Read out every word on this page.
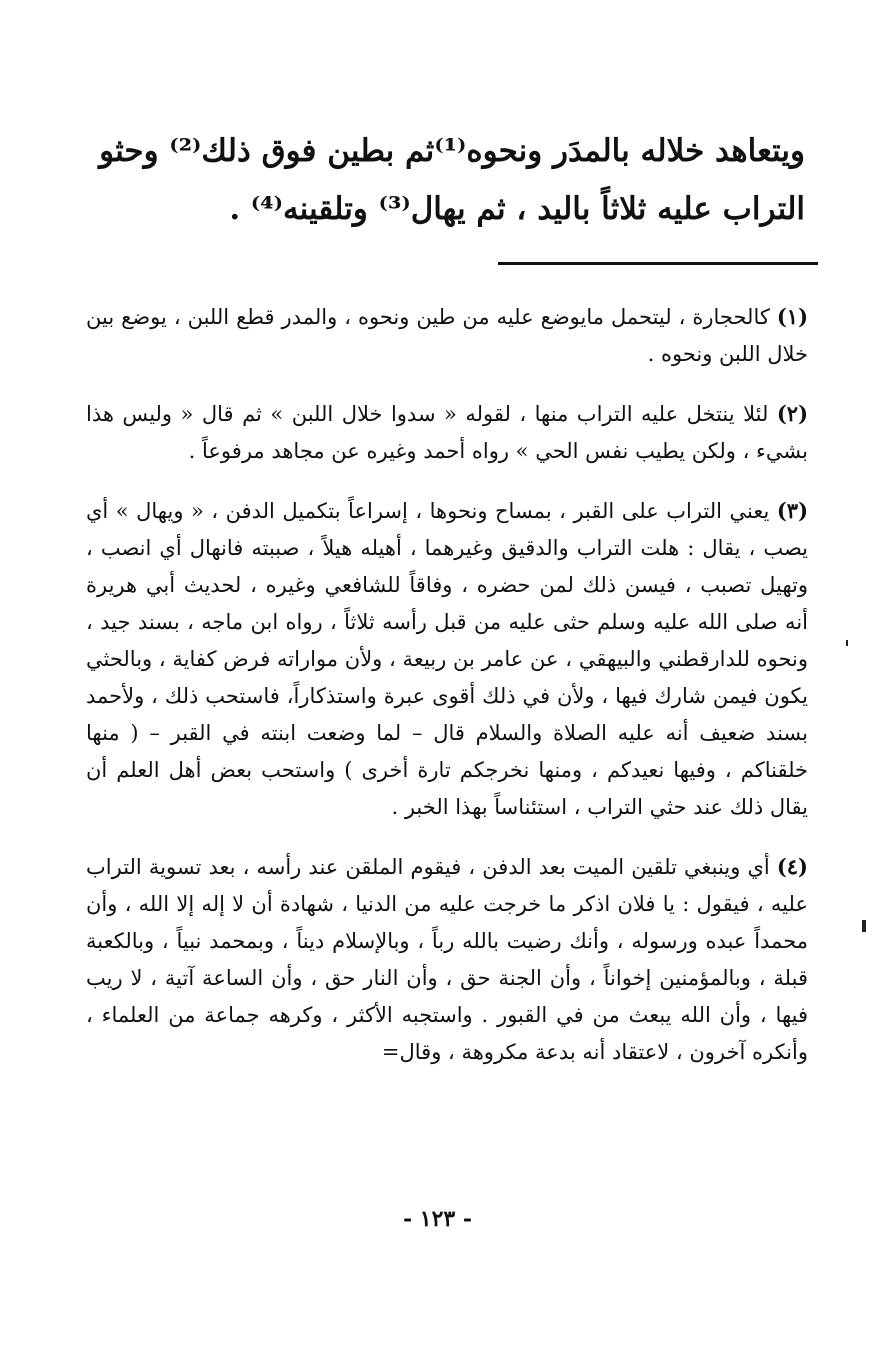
ويتعاهد خلاله بالمدَر ونحوه⁽¹⁾ثم بطين فوق ذلك⁽²⁾ وحثو

التراب عليه ثلاثاً باليد ، ثم يهال⁽³⁾ وتلقينه⁽⁴⁾ .

(١) كالحجارة ، ليتحمل مايوضع عليه من طين ونحوه ، والمدر قطع اللبن ، يوضع بين خلال اللبن ونحوه .

(٢) لئلا ينتخل عليه التراب منها ، لقوله « سدوا خلال اللبن » ثم قال « وليس هذا بشيء ، ولكن يطيب نفس الحي » رواه أحمد وغيره عن مجاهد مرفوعاً .

(٣) يعني التراب على القبر ، بمساح ونحوها ، إسراعاً بتكميل الدفن ، « ويهال » أي يصب ، يقال : هلت التراب والدقيق وغيرهما ، أهيله هيلاً ، صببته فانهال أي انصب ، وتهيل تصبب ، فيسن ذلك لمن حضره ، وفاقاً للشافعي وغيره ، لحديث أبي هريرة أنه صلى الله عليه وسلم حثى عليه من قبل رأسه ثلاثاً ، رواه ابن ماجه ، بسند جيد ، ونحوه للدارقطني والبيهقي ، عن عامر بن ربيعة ، ولأن مواراته فرض كفاية ، وبالحثي يكون فيمن شارك فيها ، ولأن في ذلك أقوى عبرة واستذكاراً، فاستحب ذلك ، ولأحمد بسند ضعيف أنه عليه الصلاة والسلام قال – لما وضعت ابنته في القبر – ( منها خلقناكم ، وفيها نعيدكم ، ومنها نخرجكم تارة أخرى ) واستحب بعض أهل العلم أن يقال ذلك عند حثي التراب ، استئناساً بهذا الخبر .

(٤) أي وينبغي تلقين الميت بعد الدفن ، فيقوم الملقن عند رأسه ، بعد تسوية التراب عليه ، فيقول : يا فلان اذكر ما خرجت عليه من الدنيا ، شهادة أن لا إله إلا الله ، وأن محمداً عبده ورسوله ، وأنك رضيت بالله رباً ، وبالإسلام ديناً ، وبمحمد نبياً ، وبالكعبة قبلة ، وبالمؤمنين إخواناً ، وأن الجنة حق ، وأن النار حق ، وأن الساعة آتية ، لا ريب فيها ، وأن الله يبعث من في القبور . واستجبه الأكثر ، وكرهه جماعة من العلماء ، وأنكره آخرون ، لاعتقاد أنه بدعة مكروهة ، وقال=

- ١٢٣ -
